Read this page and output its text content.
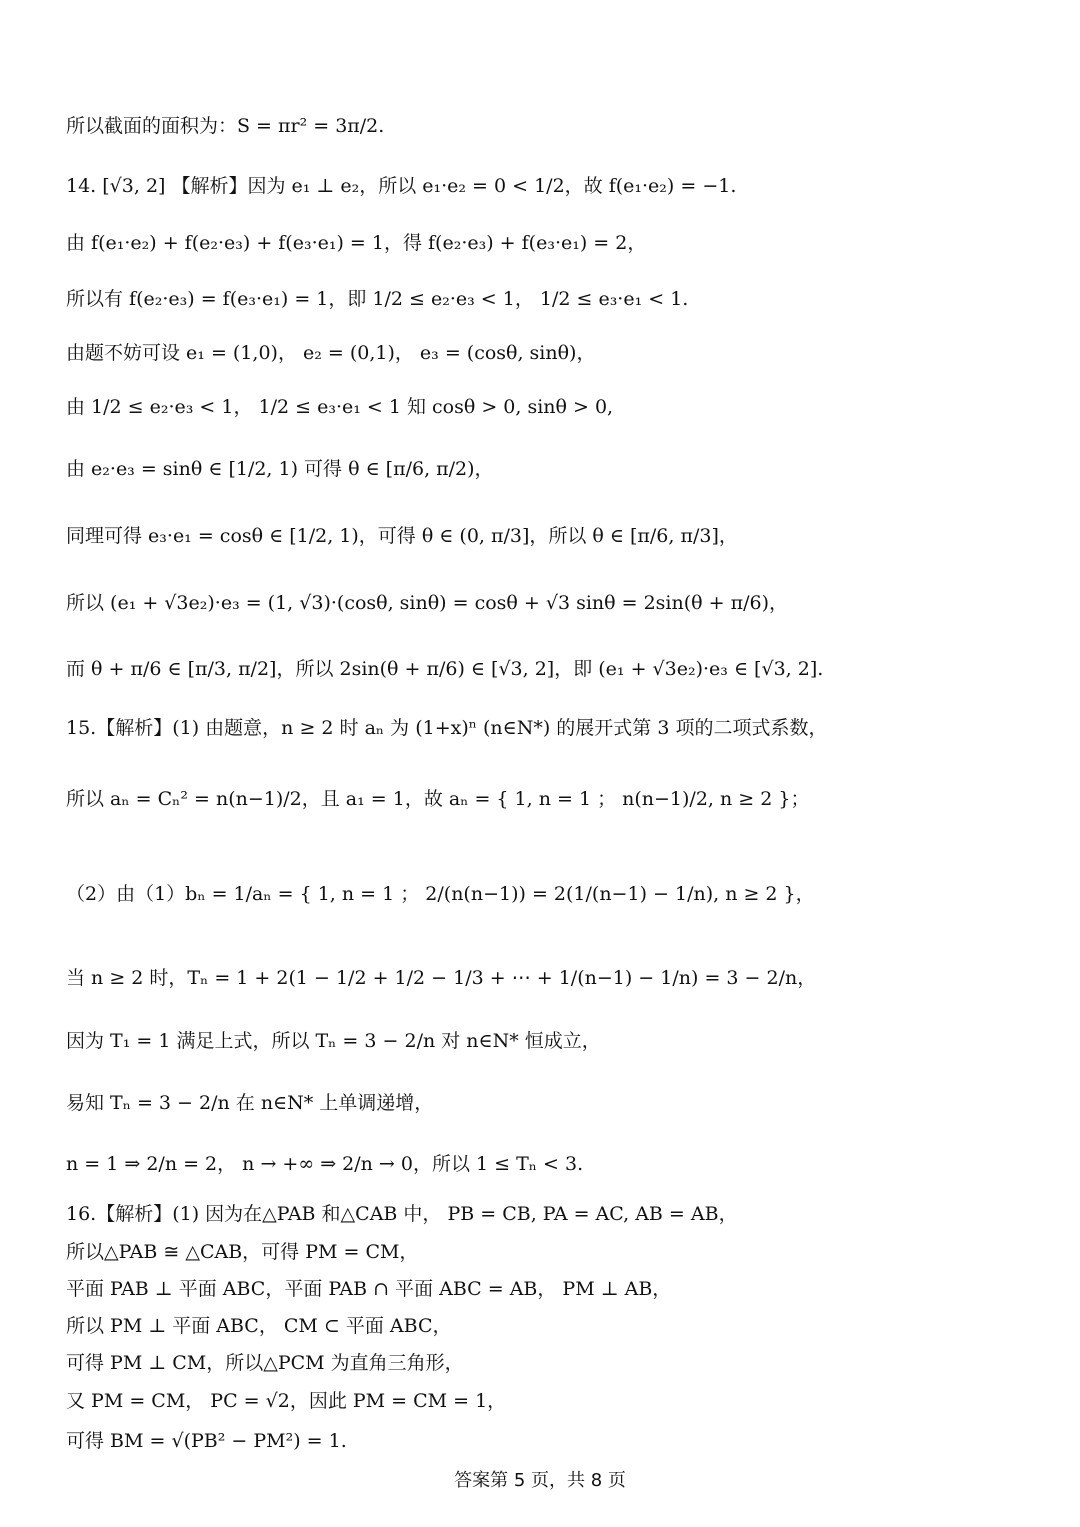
所以截面的面积为：S = πr² = 3π/2.
14. [√3, 2] 【解析】因为 e₁ ⊥ e₂，所以 e₁·e₂ = 0 < 1/2，故 f(e₁·e₂) = −1.
由 f(e₁·e₂) + f(e₂·e₃) + f(e₃·e₁) = 1，得 f(e₂·e₃) + f(e₃·e₁) = 2，
所以有 f(e₂·e₃) = f(e₃·e₁) = 1，即 1/2 ≤ e₂·e₃ < 1， 1/2 ≤ e₃·e₁ < 1.
由题不妨可设 e₁ = (1,0)， e₂ = (0,1)， e₃ = (cosθ, sinθ)，
由 1/2 ≤ e₂·e₃ < 1， 1/2 ≤ e₃·e₁ < 1 知 cosθ > 0, sinθ > 0,
由 e₂·e₃ = sinθ ∈ [1/2, 1) 可得 θ ∈ [π/6, π/2)，
同理可得 e₃·e₁ = cosθ ∈ [1/2, 1)，可得 θ ∈ (0, π/3]，所以 θ ∈ [π/6, π/3]，
所以 (e₁ + √3e₂)·e₃ = (1, √3)·(cosθ, sinθ) = cosθ + √3 sinθ = 2sin(θ + π/6)，
而 θ + π/6 ∈ [π/3, π/2]，所以 2sin(θ + π/6) ∈ [√3, 2]，即 (e₁ + √3e₂)·e₃ ∈ [√3, 2].
15.【解析】(1) 由题意，n ≥ 2 时 aₙ 为 (1+x)ⁿ (n∈N*) 的展开式第 3 项的二项式系数，
所以 aₙ = Cₙ² = n(n−1)/2，且 a₁ = 1，故 aₙ = { 1, n = 1 ； n(n−1)/2, n ≥ 2 }；
（2）由（1）bₙ = 1/aₙ = { 1, n = 1 ； 2/(n(n−1)) = 2(1/(n−1) − 1/n), n ≥ 2 }，
当 n ≥ 2 时，Tₙ = 1 + 2(1 − 1/2 + 1/2 − 1/3 + ⋯ + 1/(n−1) − 1/n) = 3 − 2/n，
因为 T₁ = 1 满足上式，所以 Tₙ = 3 − 2/n 对 n∈N* 恒成立，
易知 Tₙ = 3 − 2/n 在 n∈N* 上单调递增，
n = 1 ⇒ 2/n = 2， n → +∞ ⇒ 2/n → 0，所以 1 ≤ Tₙ < 3.
16.【解析】(1) 因为在△PAB 和△CAB 中， PB = CB, PA = AC, AB = AB，
所以△PAB ≅ △CAB，可得 PM = CM，
平面 PAB ⊥ 平面 ABC，平面 PAB ∩ 平面 ABC = AB， PM ⊥ AB，
所以 PM ⊥ 平面 ABC， CM ⊂ 平面 ABC，
可得 PM ⊥ CM，所以△PCM 为直角三角形，
又 PM = CM， PC = √2，因此 PM = CM = 1，
可得 BM = √(PB² − PM²) = 1.
答案第 5 页，共 8 页
